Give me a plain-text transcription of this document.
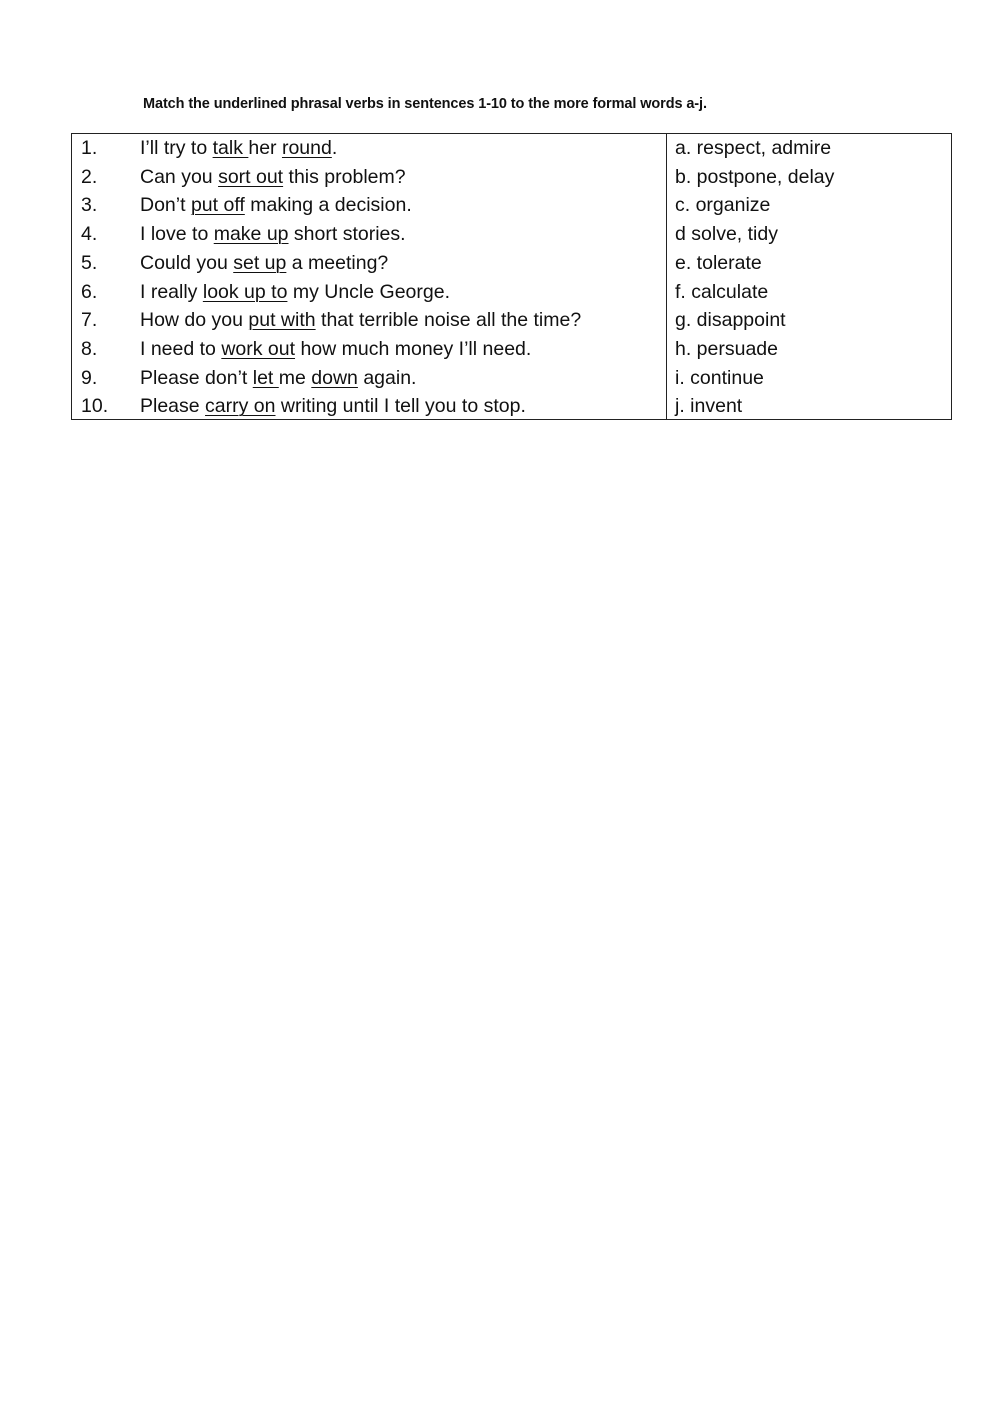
Match the underlined phrasal verbs in sentences 1-10 to the more formal words a-j.
1. I’ll try to talk her round.	a. respect, admire
2. Can you sort out this problem?	b. postpone, delay
3. Don’t put off making a decision.	c. organize
4. I love to make up short stories.	d solve, tidy
5. Could you set up a meeting?	e. tolerate
6. I really look up to my Uncle George.	f. calculate
7. How do you put with that terrible noise all the time?	g. disappoint
8. I need to work out how much money I’ll need.	h. persuade
9. Please don’t let me down again.	i. continue
10. Please carry on writing until I tell you to stop.	j. invent
